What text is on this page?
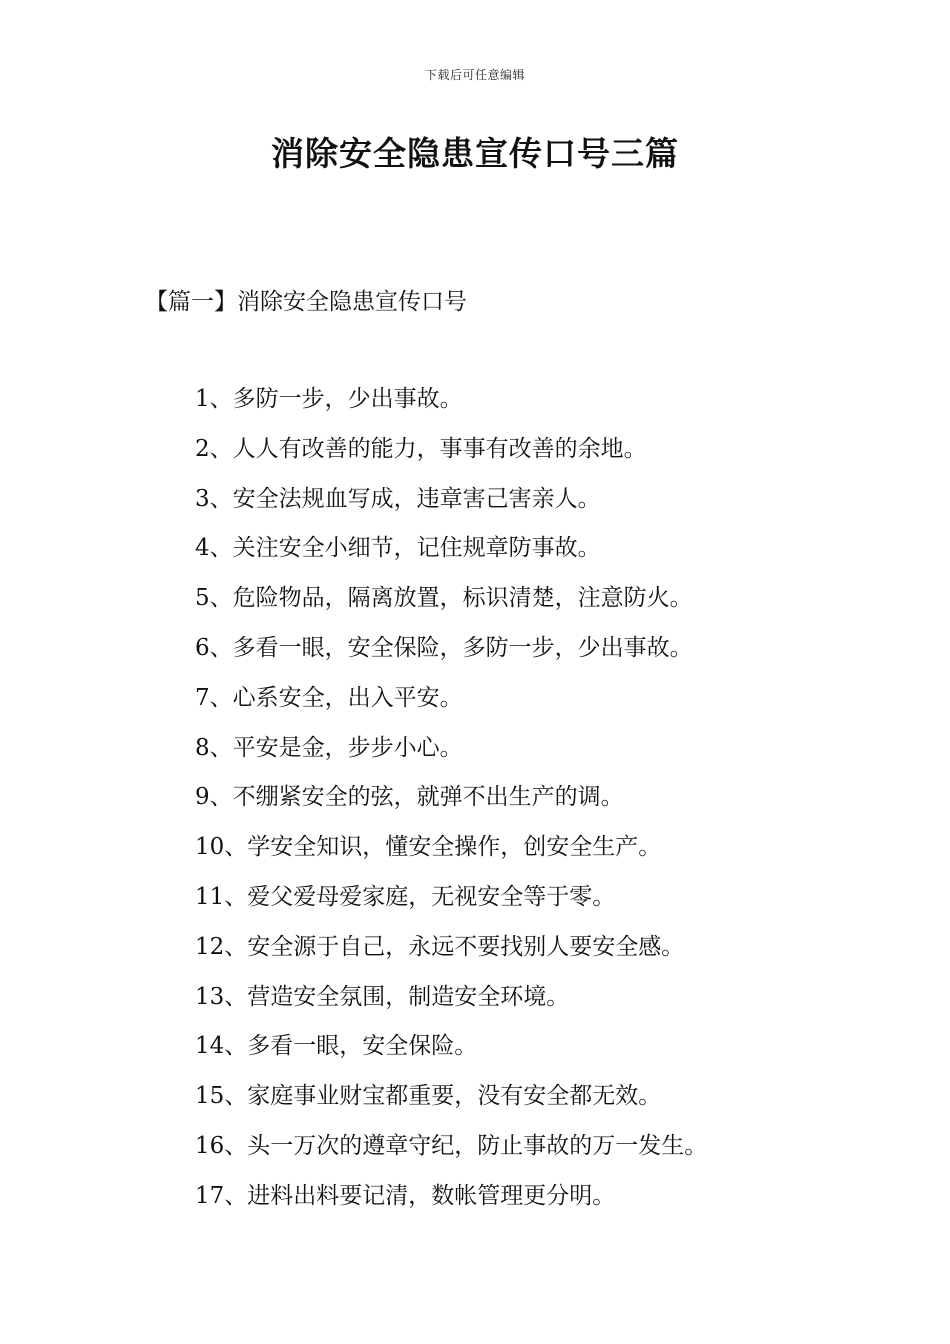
下载后可任意编辑
消除安全隐患宣传口号三篇
【篇一】消除安全隐患宣传口号
1、多防一步，少出事故。
2、人人有改善的能力，事事有改善的余地。
3、安全法规血写成，违章害己害亲人。
4、关注安全小细节，记住规章防事故。
5、危险物品，隔离放置，标识清楚，注意防火。
6、多看一眼，安全保险，多防一步，少出事故。
7、心系安全，出入平安。
8、平安是金，步步小心。
9、不绷紧安全的弦，就弹不出生产的调。
10、学安全知识，懂安全操作，创安全生产。
11、爱父爱母爱家庭，无视安全等于零。
12、安全源于自己，永远不要找别人要安全感。
13、营造安全氛围，制造安全环境。
14、多看一眼，安全保险。
15、家庭事业财宝都重要，没有安全都无效。
16、头一万次的遵章守纪，防止事故的万一发生。
17、进料出料要记清，数帐管理更分明。
